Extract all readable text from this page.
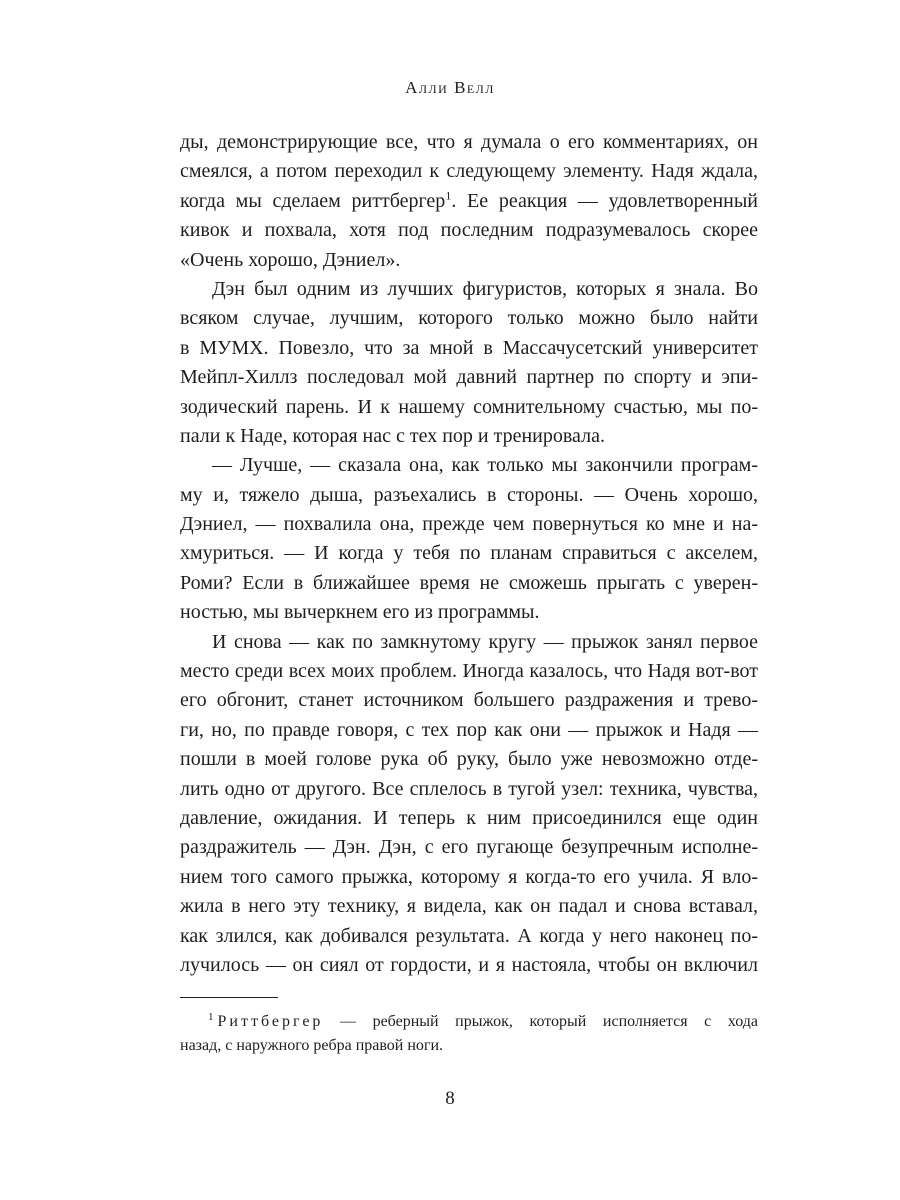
Алли Велл
ды, демонстрирующие все, что я думала о его комментариях, он
смеялся, а потом переходил к следующему элементу. Надя ждала,
когда мы сделаем риттбергер$^1$. Ее реакция — удовлетворенный
кивок и похвала, хотя под последним подразумевалось скорее
«Очень хорошо, Дэниел».
Дэн был одним из лучших фигуристов, которых я знала. Во
всяком случае, лучшим, которого только можно было найти
в МУМХ. Повезло, что за мной в Массачусетский университет
Мейпл-Хиллз последовал мой давний партнер по спорту и эпи-
зодический парень. И к нашему сомнительному счастью, мы по-
пали к Наде, которая нас с тех пор и тренировала.
— Лучше, — сказала она, как только мы закончили програм-
му и, тяжело дыша, разъехались в стороны. — Очень хорошо,
Дэниел, — похвалила она, прежде чем повернуться ко мне и на-
хмуриться. — И когда у тебя по планам справиться с акселем,
Роми? Если в ближайшее время не сможешь прыгать с уверен-
ностью, мы вычеркнем его из программы.
И снова — как по замкнутому кругу — прыжок занял первое
место среди всех моих проблем. Иногда казалось, что Надя вот-вот
его обгонит, станет источником большего раздражения и трево-
ги, но, по правде говоря, с тех пор как они — прыжок и Надя —
пошли в моей голове рука об руку, было уже невозможно отде-
лить одно от другого. Все сплелось в тугой узел: техника, чувства,
давление, ожидания. И теперь к ним присоединился еще один
раздражитель — Дэн. Дэн, с его пугающе безупречным исполне-
нием того самого прыжка, которому я когда-то его учила. Я вло-
жила в него эту технику, я видела, как он падал и снова вставал,
как злился, как добивался результата. А когда у него наконец по-
лучилось — он сиял от гордости, и я настояла, чтобы он включил
$^1$ Риттбергер — реберный прыжок, который исполняется с хода
назад, с наружного ребра правой ноги.
8
